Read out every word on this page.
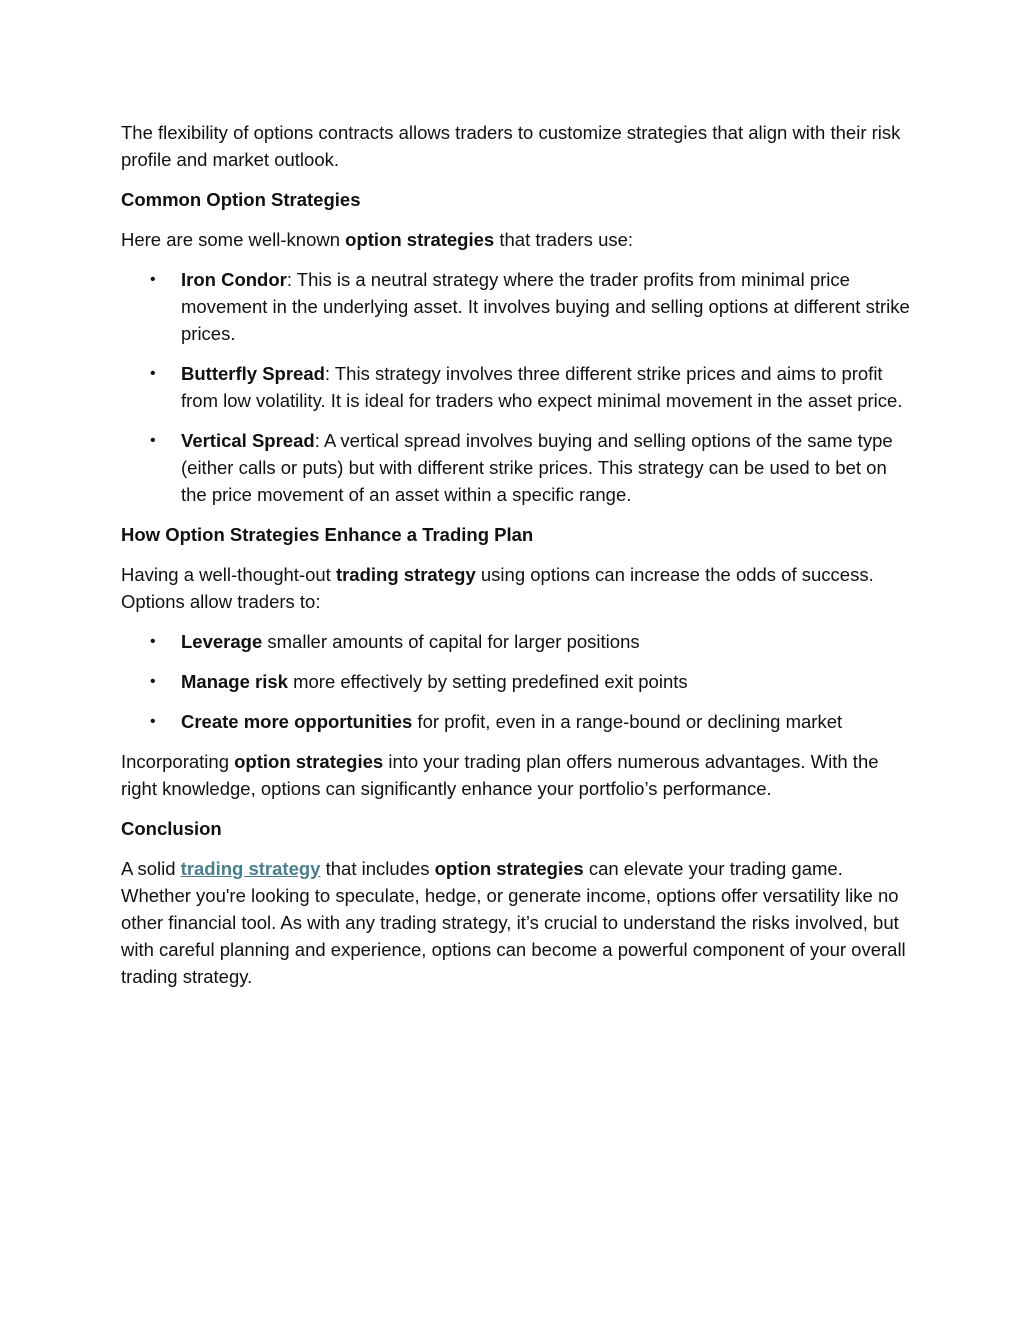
The flexibility of options contracts allows traders to customize strategies that align with their risk profile and market outlook.

Common Option Strategies

Here are some well-known option strategies that traders use:

• Iron Condor: This is a neutral strategy where the trader profits from minimal price movement in the underlying asset. It involves buying and selling options at different strike prices.
• Butterfly Spread: This strategy involves three different strike prices and aims to profit from low volatility. It is ideal for traders who expect minimal movement in the asset price.
• Vertical Spread: A vertical spread involves buying and selling options of the same type (either calls or puts) but with different strike prices. This strategy can be used to bet on the price movement of an asset within a specific range.
How Option Strategies Enhance a Trading Plan

Having a well-thought-out trading strategy using options can increase the odds of success. Options allow traders to:

• Leverage smaller amounts of capital for larger positions
• Manage risk more effectively by setting predefined exit points
• Create more opportunities for profit, even in a range-bound or declining market

Incorporating option strategies into your trading plan offers numerous advantages. With the right knowledge, options can significantly enhance your portfolio’s performance.

Conclusion

A solid trading strategy that includes option strategies can elevate your trading game. Whether you're looking to speculate, hedge, or generate income, options offer versatility like no other financial tool. As with any trading strategy, it’s crucial to understand the risks involved, but with careful planning and experience, options can become a powerful component of your overall trading strategy.
